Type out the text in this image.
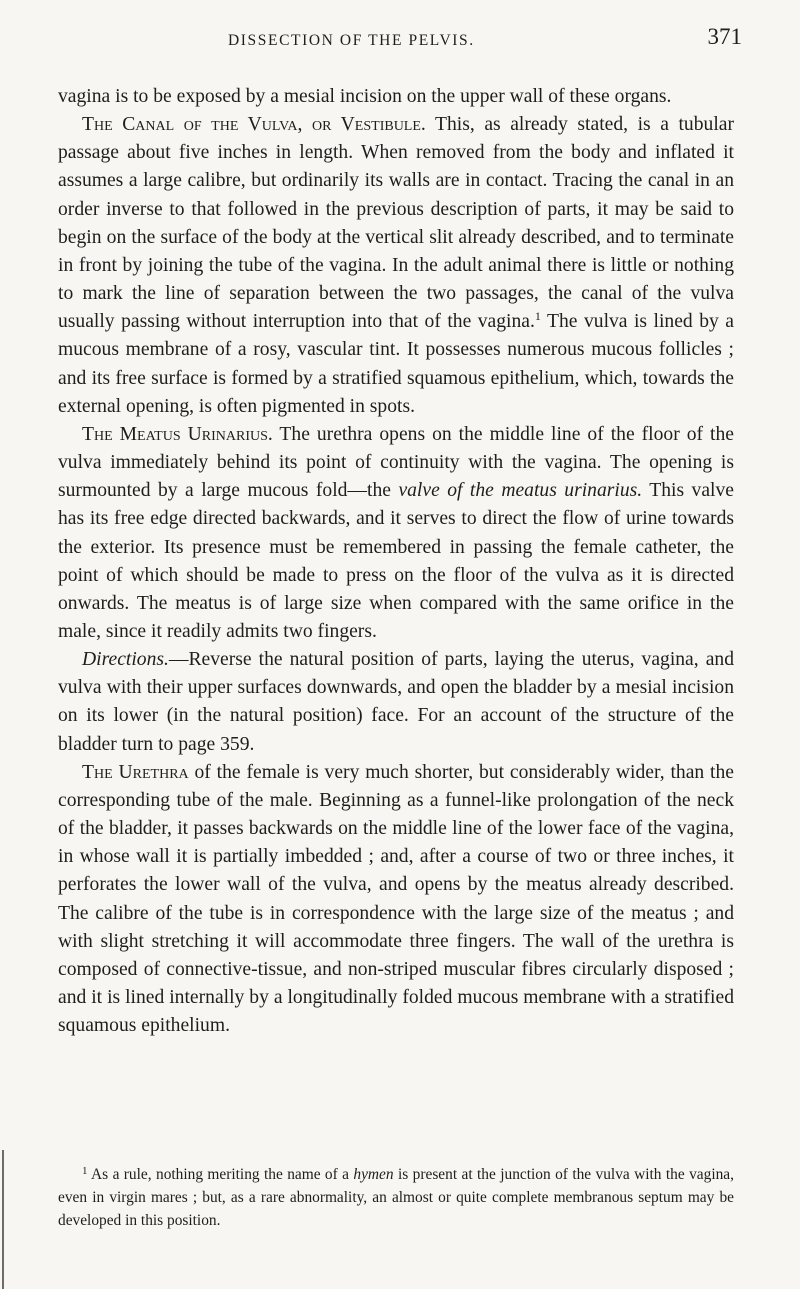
DISSECTION OF THE PELVIS.	371

vagina is to be exposed by a mesial incision on the upper wall of these organs.

The Canal of the Vulva, or Vestibule. This, as already stated, is a tubular passage about five inches in length. When removed from the body and inflated it assumes a large calibre, but ordinarily its walls are in contact. Tracing the canal in an order inverse to that followed in the previous description of parts, it may be said to begin on the surface of the body at the vertical slit already described, and to terminate in front by joining the tube of the vagina. In the adult animal there is little or nothing to mark the line of separation between the two passages, the canal of the vulva usually passing without interruption into that of the vagina.$^1$ The vulva is lined by a mucous membrane of a rosy, vascular tint. It possesses numerous mucous follicles ; and its free surface is formed by a stratified squamous epithelium, which, towards the external opening, is often pigmented in spots.

The Meatus Urinarius. The urethra opens on the middle line of the floor of the vulva immediately behind its point of continuity with the vagina. The opening is surmounted by a large mucous fold—the valve of the meatus urinarius. This valve has its free edge directed backwards, and it serves to direct the flow of urine towards the exterior. Its presence must be remembered in passing the female catheter, the point of which should be made to press on the floor of the vulva as it is directed onwards. The meatus is of large size when compared with the same orifice in the male, since it readily admits two fingers.

Directions.—Reverse the natural position of parts, laying the uterus, vagina, and vulva with their upper surfaces downwards, and open the bladder by a mesial incision on its lower (in the natural position) face. For an account of the structure of the bladder turn to page 359.

The Urethra of the female is very much shorter, but considerably wider, than the corresponding tube of the male. Beginning as a funnel-like prolongation of the neck of the bladder, it passes backwards on the middle line of the lower face of the vagina, in whose wall it is partially imbedded ; and, after a course of two or three inches, it perforates the lower wall of the vulva, and opens by the meatus already described. The calibre of the tube is in correspondence with the large size of the meatus ; and with slight stretching it will accommodate three fingers. The wall of the urethra is composed of connective-tissue, and non-striped muscular fibres circularly disposed ; and it is lined internally by a longitudinally folded mucous membrane with a stratified squamous epithelium.

$^1$ As a rule, nothing meriting the name of a hymen is present at the junction of the vulva with the vagina, even in virgin mares ; but, as a rare abnormality, an almost or quite complete membranous septum may be developed in this position.
